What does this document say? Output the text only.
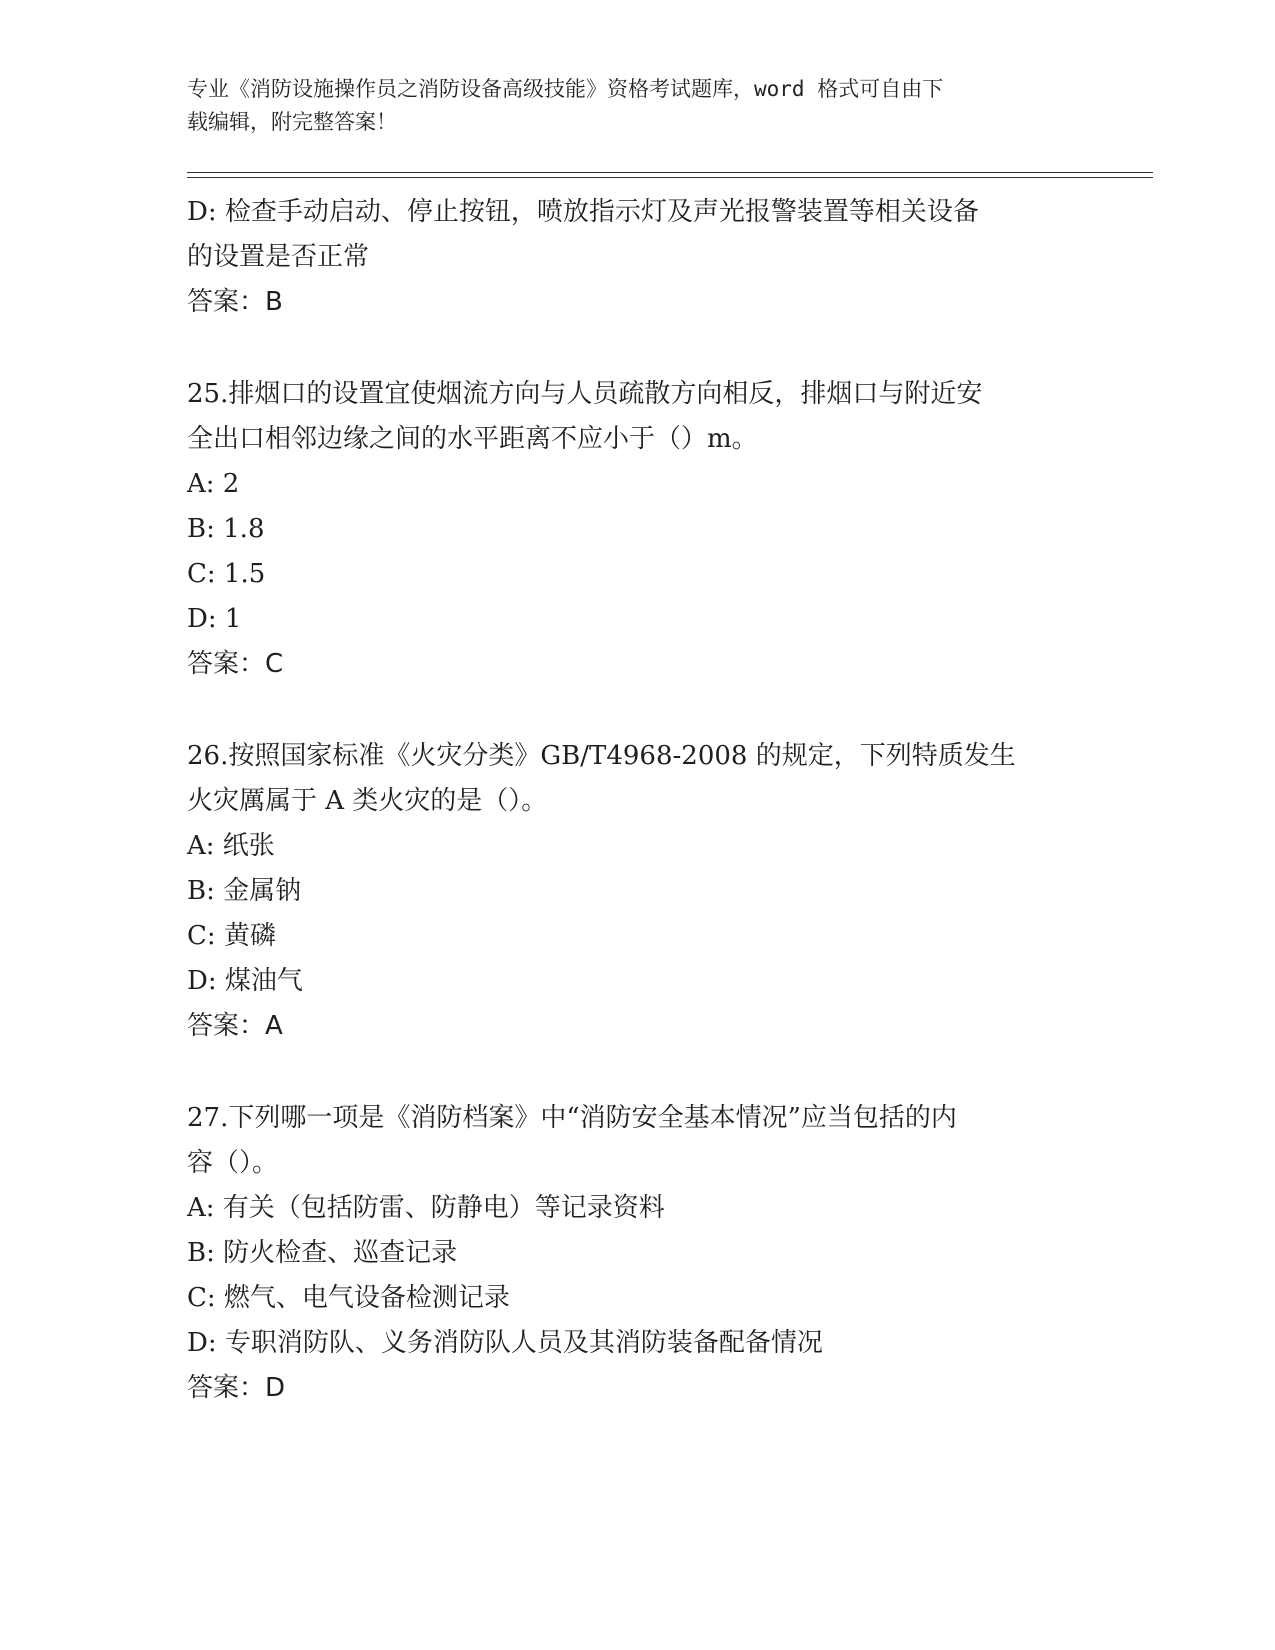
专业《消防设施操作员之消防设备高级技能》资格考试题库，word 格式可自由下
载编辑，附完整答案！

D: 检查手动启动、停止按钮，喷放指示灯及声光报警装置等相关设备

的设置是否正常

答案：B

25.排烟口的设置宜使烟流方向与人员疏散方向相反，排烟口与附近安

全出口相邻边缘之间的水平距离不应小于（）m。

A: 2

B: 1.8

C: 1.5

D: 1

答案：C

26.按照国家标准《火灾分类》GB/T4968-2008 的规定，下列特质发生

火灾厲属于 A 类火灾的是（）。

A: 纸张

B: 金属钠

C: 黄磷

D: 煤油气

答案：A

27.下列哪一项是《消防档案》中“消防安全基本情况”应当包括的内

容（）。

A: 有关（包括防雷、防静电）等记录资料

B: 防火检查、巡查记录

C: 燃气、电气设备检测记录

D: 专职消防队、义务消防队人员及其消防装备配备情况

答案：D
